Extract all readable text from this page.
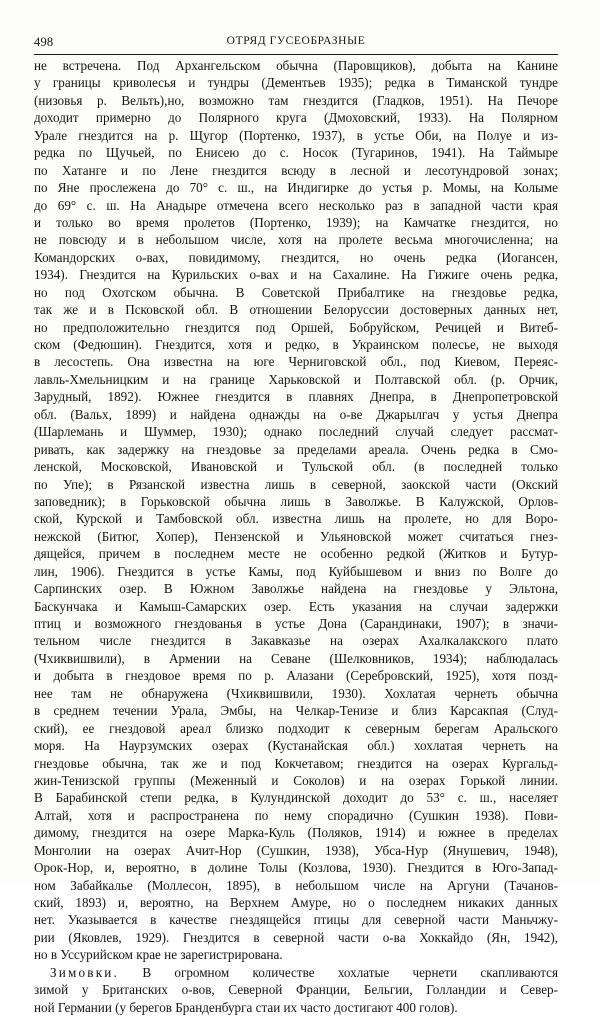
498	ОТРЯД ГУСЕОБРАЗНЫЕ
не встречена. Под Архангельском обычна (Паровщиков), добыта на Канине
у границы криволесья и тундры (Дементьев 1935); редка в Тиманской тундре
(низовья р. Вельть),но, возможно там гнездится (Гладков, 1951). На Печоре
доходит примерно до Полярного круга (Дмоховский, 1933). На Полярном
Урале гнездится на р. Щугор (Портенко, 1937), в устье Оби, на Полуе и из-
редка по Щучьей, по Енисею до с. Носок (Тугаринов, 1941). На Таймыре
по Хатанге и по Лене гнездится всюду в лесной и лесотундровой зонах;
по Яне прослежена до 70° с. ш., на Индигирке до устья р. Момы, на Колыме
до 69° с. ш. На Анадыре отмечена всего несколько раз в западной части края
и только во время пролетов (Портенко, 1939); на Камчатке гнездится, но
не повсюду и в небольшом числе, хотя на пролете весьма многочисленна; на
Командорских о-вах, повидимому, гнездится, но очень редка (Иогансен,
1934). Гнездится на Курильских о-вах и на Сахалине. На Гижиге очень редка,
но под Охотском обычна. В Советской Прибалтике на гнездовье редка,
так же и в Псковской обл. В отношении Белоруссии достоверных данных нет,
но предположительно гнездится под Оршей, Бобруйском, Речицей и Витеб-
ском (Федюшин). Гнездится, хотя и редко, в Украинском полесье, не выходя
в лесостепь. Она известна на юге Черниговской обл., под Киевом, Переяс-
лавль-Хмельницким и на границе Харьковской и Полтавской обл. (р. Орчик,
Зарудный, 1892). Южнее гнездится в плавнях Днепра, в Днепропетровской
обл. (Вальх, 1899) и найдена однажды на о-ве Джарылгач у устья Днепра
(Шарлемань и Шуммер, 1930); однако последний случай следует рассмат-
ривать, как задержку на гнездовье за пределами ареала. Очень редка в Смо-
ленской, Московской, Ивановской и Тульской обл. (в последней только
по Упе); в Рязанской известна лишь в северной, заокской части (Окский
заповедник); в Горьковской обычна лишь в Заволжье. В Калужской, Орлов-
ской, Курской и Тамбовской обл. известна лишь на пролете, но для Воро-
нежской (Битюг, Хопер), Пензенской и Ульяновской может считаться гнез-
дящейся, причем в последнем месте не особенно редкой (Житков и Бутур-
лин, 1906). Гнездится в устье Камы, под Куйбышевом и вниз по Волге до
Сарпинских озер. В Южном Заволжье найдена на гнездовье у Эльтона,
Баскунчака и Камыш-Самарских озер. Есть указания на случаи задержки
птиц и возможного гнездованья в устье Дона (Сарандинаки, 1907); в значи-
тельном числе гнездится в Закавказье на озерах Ахалкалакского плато
(Чхиквишвили), в Армении на Севане (Шелковников, 1934); наблюдалась
и добыта в гнездовое время по р. Алазани (Серебровский, 1925), хотя позд-
нее там не обнаружена (Чхиквишвили, 1930). Хохлатая чернеть обычна
в среднем течении Урала, Эмбы, на Челкар-Тенизе и близ Карсакпая (Слуд-
ский), ее гнездовой ареал близко подходит к северным берегам Аральского
моря. На Наурзумских озерах (Кустанайская обл.) хохлатая чернеть на
гнездовье обычна, так же и под Кокчетавом; гнездится на озерах Кургальд-
жин-Тенизской группы (Меженный и Соколов) и на озерах Горькой линии.
В Барабинской степи редка, в Кулундинской доходит до 53° с. ш., населяет
Алтай, хотя и распространена по нему спорадично (Сушкин 1938). Пови-
димому, гнездится на озере Марка-Куль (Поляков, 1914) и южнее в пределах
Монголии на озерах Ачит-Нор (Сушкин, 1938), Убса-Нур (Янушевич, 1948),
Орок-Нор, и, вероятно, в долине Толы (Козлова, 1930). Гнездится в Юго-Запад-
ном Забайкалье (Моллесон, 1895), в небольшом числе на Аргуни (Тачанов-
ский, 1893) и, вероятно, на Верхнем Амуре, но о последнем никаких данных
нет. Указывается в качестве гнездящейся птицы для северной части Маньчжу-
рии (Яковлев, 1929). Гнездится в северной части о-ва Хоккайдо (Ян, 1942),
но в Уссурийском крае не зарегистрирована.
Зимовки. В огромном количестве хохлатые чернети скапливаются
зимой у Британских о-вов, Северной Франции, Бельгии, Голландии и Север-
ной Германии (у берегов Бранденбурга стаи их часто достигают 400 голов).
